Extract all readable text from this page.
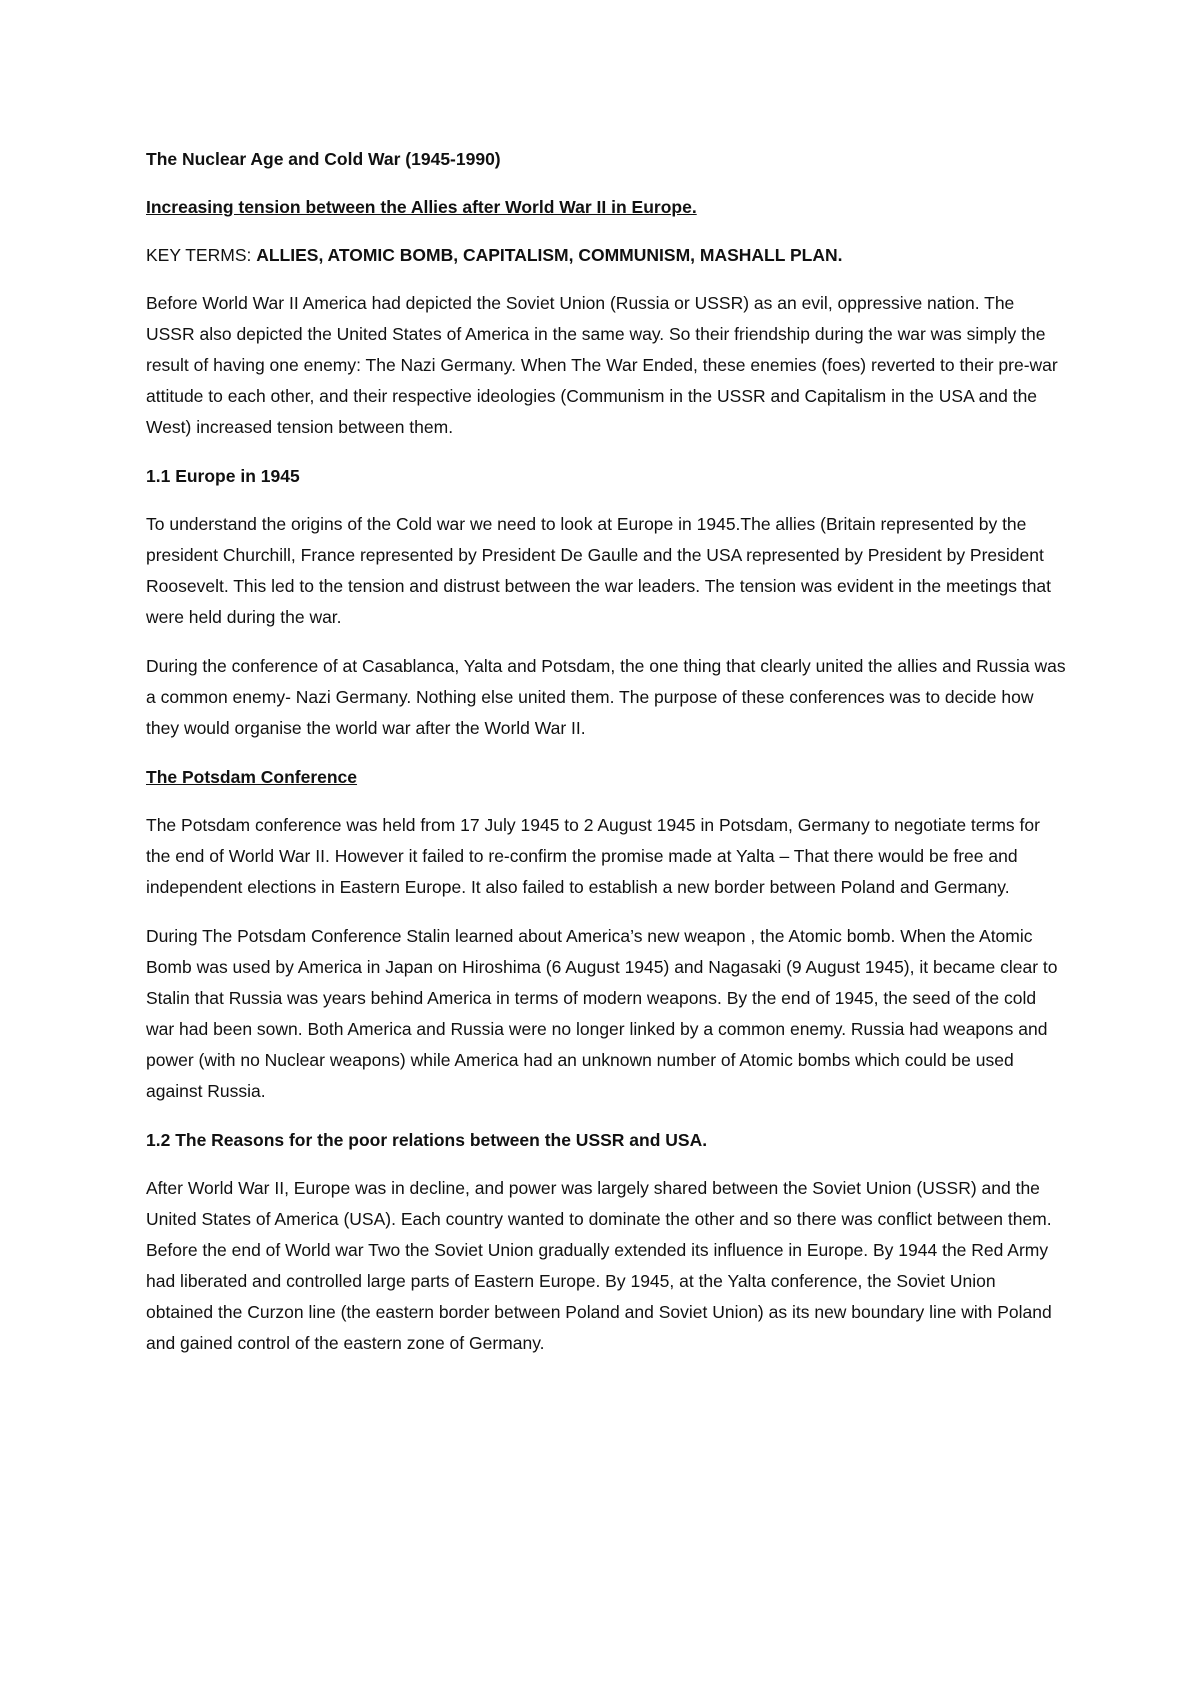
The Nuclear Age and Cold War (1945-1990)

Increasing tension between the Allies after World War II in Europe.

KEY TERMS: ALLIES, ATOMIC BOMB, CAPITALISM, COMMUNISM, MASHALL PLAN.

Before World War II America had depicted the Soviet Union (Russia or USSR) as an evil, oppressive nation. The USSR also depicted the United States of America in the same way. So their friendship during the war was simply the result of having one enemy: The Nazi Germany. When The War Ended, these enemies (foes) reverted to their pre-war attitude to each other, and their respective ideologies (Communism in the USSR and Capitalism in the USA and the West) increased tension between them.

1.1 Europe in 1945

To understand the origins of the Cold war we need to look at Europe in 1945.The allies (Britain represented by the president Churchill, France represented by President De Gaulle and the USA represented by President by President Roosevelt. This led to the tension and distrust between the war leaders. The tension was evident in the meetings that were held during the war.

During the conference of at Casablanca, Yalta and Potsdam, the one thing that clearly united the allies and Russia was a common enemy- Nazi Germany. Nothing else united them. The purpose of these conferences was to decide how they would organise the world war after the World War II.

The Potsdam Conference

The Potsdam conference was held from 17 July 1945 to 2 August 1945 in Potsdam, Germany to negotiate terms for the end of World War II. However it failed to re-confirm the promise made at Yalta – That there would be free and independent elections in Eastern Europe. It also failed to establish a new border between Poland and Germany.

During The Potsdam Conference Stalin learned about America’s new weapon , the Atomic bomb. When the Atomic Bomb was used by America in Japan on Hiroshima (6 August 1945) and Nagasaki (9 August 1945), it became clear to Stalin that Russia was years behind America in terms of modern weapons. By the end of 1945, the seed of the cold war had been sown. Both America and Russia were no longer linked by a common enemy. Russia had weapons and power (with no Nuclear weapons) while America had an unknown number of Atomic bombs which could be used against Russia.

1.2 The Reasons for the poor relations between the USSR and USA.

After World War II, Europe was in decline, and power was largely shared between the Soviet Union (USSR) and the United States of America (USA). Each country wanted to dominate the other and so there was conflict between them. Before the end of World war Two the Soviet Union gradually extended its influence in Europe. By 1944 the Red Army had liberated and controlled large parts of Eastern Europe. By 1945, at the Yalta conference, the Soviet Union obtained the Curzon line (the eastern border between Poland and Soviet Union) as its new boundary line with Poland and gained control of the eastern zone of Germany.
